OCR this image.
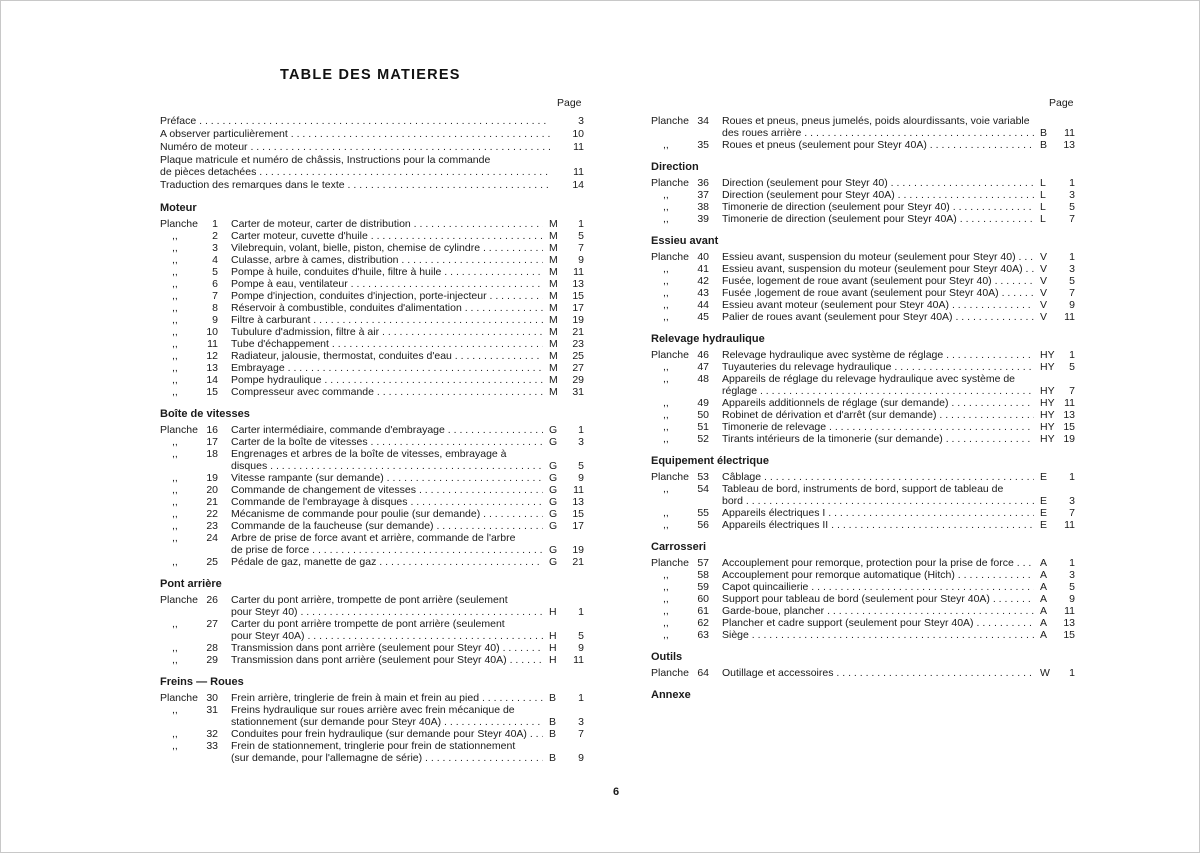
TABLE DES MATIERES
Page	Page
Préface . . .	3
A observer particulièrement . . .	10
Numéro de moteur . . .	11
Plaque matricule et numéro de châssis, Instructions pour la commande
de pièces detachées . . .	11
Traduction des remarques dans le texte . . .	14
Moteur
Planche	1 Carter de moteur, carter de distribution . . .	M	1
,,	2 Carter moteur, cuvette d'huile . . .	M	5
,,	3 Vilebrequin, volant, bielle, piston, chemise de cylindre . . .	M	7
,,	4 Culasse, arbre à cames, distribution . . .	M	9
,,	5 Pompe à huile, conduites d'huile, filtre à huile . . .	M	11
,,	6 Pompe à eau, ventilateur . . .	M	13
,,	7 Pompe d'injection, conduites d'injection, porte-injecteur . . .	M	15
,,	8 Réservoir à combustible, conduites d'alimentation . . .	M	17
,,	9 Filtre à carburant . . .	M	19
,,	10 Tubulure d'admission, filtre à air . . .	M	21
,,	11 Tube d'échappement . . .	M	23
,,	12 Radiateur, jalousie, thermostat, conduites d'eau . . .	M	25
,,	13 Embrayage . . .	M	27
,,	14 Pompe hydraulique . . .	M	29
,,	15 Compresseur avec commande . . .	M	31
Boîte de vitesses
Planche 16 Carter intermédiaire, commande d'embrayage . . .	G	1
,,	17 Carter de la boîte de vitesses . . .	G	3
,,	18 Engrenages et arbres de la boîte de vitesses, embrayage à
disques . . .	G	5
,,	19 Vitesse rampante (sur demande) . . .	G	9
,,	20 Commande de changement de vitesses . . .	G	11
,,	21 Commande de l'embrayage à disques . . .	G	13
,,	22 Mécanisme de commande pour poulie (sur demande) . . .	G	15
,,	23 Commande de la faucheuse (sur demande) . . .	G	17
,,	24 Arbre de prise de force avant et arrière, commande de l'arbre
de prise de force . . .	G	19
,,	25 Pédale de gaz, manette de gaz . . .	G	21
Pont arrière
Planche 26 Carter du pont arrière, trompette de pont arrière (seulement
pour Steyr 40) . . .	H	1
,,	27 Carter du pont arrière trompette de pont arrière (seulement
pour Steyr 40A) . . .	H	5
,,	28 Transmission dans pont arrière (seulement pour Steyr 40) . . .	H	9
,,	29 Transmission dans pont arrière (seulement pour Steyr 40A) . . .	H	11
Freins — Roues
Planche 30 Frein arrière, tringlerie de frein à main et frein au pied . . .	B	1
,,	31 Freins hydraulique sur roues arrière avec frein mécanique de
stationnement (sur demande pour Steyr 40A) . . .	B	3
,,	32 Conduites pour frein hydraulique (sur demande pour Steyr 40A) . . .	B	7
,,	33 Frein de stationnement, tringlerie pour frein de stationnement
(sur demande, pour l'allemagne de série) . . .	B	9
Planche 34 Roues et pneus, pneus jumelés, poids alourdissants, voie variable
des roues arrière . . .	B	11
,,	35 Roues et pneus (seulement pour Steyr 40A) . . .	B	13
Direction
Planche 36 Direction (seulement pour Steyr 40) . . .	L	1
,,	37 Direction (seulement pour Steyr 40A) . . .	L	3
,,	38 Timonerie de direction (seulement pour Steyr 40) . . .	L	5
,,	39 Timonerie de direction (seulement pour Steyr 40A) . . .	L	7
Essieu avant
Planche 40 Essieu avant, suspension du moteur (seulement pour Steyr 40) . . .	V	1
,,	41 Essieu avant, suspension du moteur (seulement pour Steyr 40A) . . .	V	3
,,	42 Fusée, logement de roue avant (seulement pour Steyr 40) . . .	V	5
,,	43 Fusée ,logement de roue avant (seulement pour Steyr 40A) . . .	V	7
,,	44 Essieu avant moteur (seulement pour Steyr 40A) . . .	V	9
,,	45 Palier de roues avant (seulement pour Steyr 40A) . . .	V	11
Relevage hydraulique
Planche 46 Relevage hydraulique avec système de réglage . . .	HY	1
,,	47 Tuyauteries du relevage hydraulique . . .	HY	5
,,	48 Appareils de réglage du relevage hydraulique avec système de
réglage . . .	HY	7
,,	49 Appareils additionnels de réglage (sur demande) . . .	HY 11
,,	50 Robinet de dérivation et d'arrêt (sur demande) . . .	HY 13
,,	51 Timonerie de relevage . . .	HY 15
,,	52 Tirants intérieurs de la timonerie (sur demande) . . .	HY 19
Equipement électrique
Planche 53 Câblage . . .	E	1
,,	54 Tableau de bord, instruments de bord, support de tableau de
bord . . .	E	3
,,	55 Appareils électriques I . . .	E	7
,,	56 Appareils électriques II . . .	E	11
Carrosseri
Planche 57 Accouplement pour remorque, protection pour la prise de force . . .	A	1
,,	58 Accouplement pour remorque automatique (Hitch) . . .	A	3
,,	59 Capot quincailierie . . .	A	5
,,	60 Support pour tableau de bord (seulement pour Steyr 40A) . . .	A	9
,,	61 Garde-boue, plancher . . .	A	11
,,	62 Plancher et cadre support (seulement pour Steyr 40A) . . .	A	13
,,	63 Siège . . .	A	15
Outils
Planche 64 Outillage et accessoires . . .	W	1
Annexe
6
